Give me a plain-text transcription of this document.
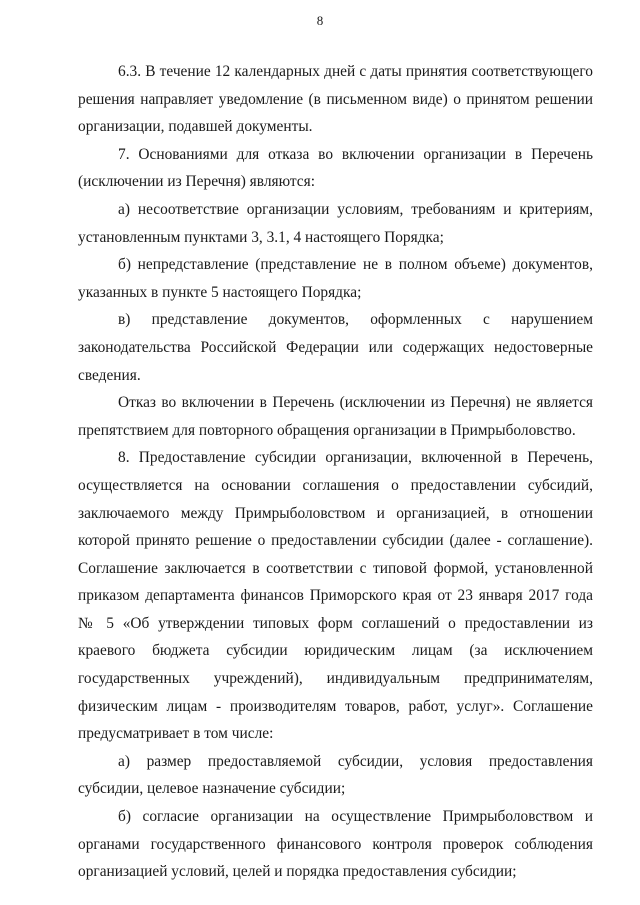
8

6.3. В течение 12 календарных дней с даты принятия соответствующего решения направляет уведомление (в письменном виде) о принятом решении организации, подавшей документы.

7. Основаниями для отказа во включении организации в Перечень (исключении из Перечня) являются:

а) несоответствие организации условиям, требованиям и критериям, установленным пунктами 3, 3.1, 4 настоящего Порядка;

б) непредставление (представление не в полном объеме) документов, указанных в пункте 5 настоящего Порядка;

в) представление документов, оформленных с нарушением законодательства Российской Федерации или содержащих недостоверные сведения.

Отказ во включении в Перечень (исключении из Перечня) не является препятствием для повторного обращения организации в Примрыболовство.

8. Предоставление субсидии организации, включенной в Перечень, осуществляется на основании соглашения о предоставлении субсидий, заключаемого между Примрыболовством и организацией, в отношении которой принято решение о предоставлении субсидии (далее - соглашение). Соглашение заключается в соответствии с типовой формой, установленной приказом департамента финансов Приморского края от 23 января 2017 года № 5 «Об утверждении типовых форм соглашений о предоставлении из краевого бюджета субсидии юридическим лицам (за исключением государственных учреждений), индивидуальным предпринимателям, физическим лицам - производителям товаров, работ, услуг». Соглашение предусматривает в том числе:

а) размер предоставляемой субсидии, условия предоставления субсидии, целевое назначение субсидии;

б) согласие организации на осуществление Примрыболовством и органами государственного финансового контроля проверок соблюдения организацией условий, целей и порядка предоставления субсидии;
